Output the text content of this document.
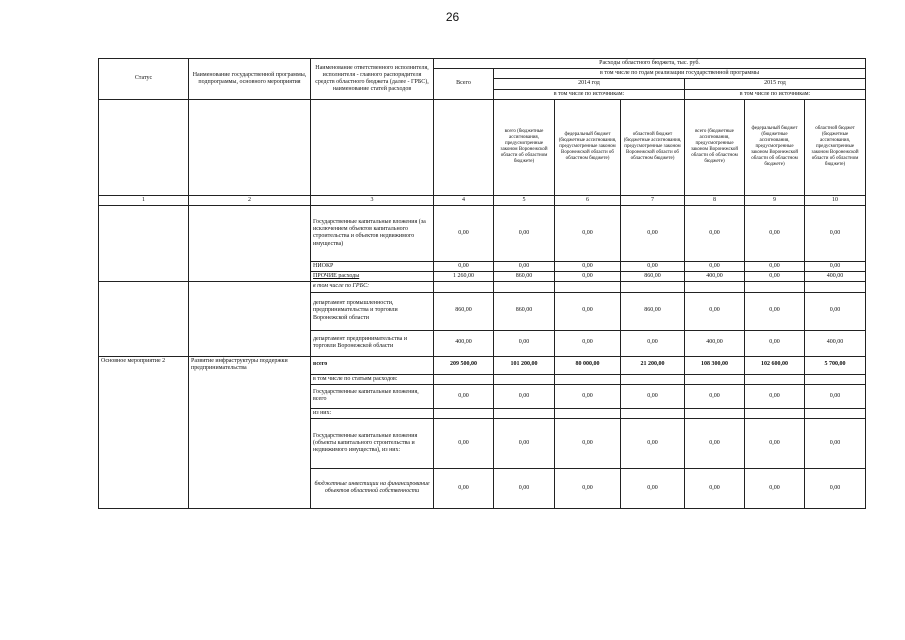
26
Статус	Наименование государственной программы, подпрограммы, основного мероприятия	Наименование ответственного исполнителя, исполнителя - главного распорядителя средств областного бюджета (далее - ГРБС), наименование статей расходов	Расходы областного бюджета, тыс. руб.						
			Всего	в том числе по годам реализации государственной программы					
				2014 год			2015 год		
				в том числе по источникам:			в том числе по источникам:		
				всего (бюджетные ассигнования, предусмотренные законом Воронежской области об областном бюджете)	федеральный бюджет (бюджетные ассигнования, предусмотренные законом Воронежской области об областном бюджете)	областной бюджет (бюджетные ассигнования, предусмотренные законом Воронежской области об областном бюджете)	всего (бюджетные ассигнования, предусмотренные законом Воронежской области об областном бюджете)	федеральный бюджет (бюджетные ассигнования, предусмотренные законом Воронежской области об областном бюджете)	областной бюджет (бюджетные ассигнования, предусмотренные законом Воронежской области об областном бюджете)
1	2	3	4	5	6	7	8	9	10
		Государственные капитальные вложения (за исключением объектов капитального строительства и объектов недвижимого имущества)	0,00	0,00	0,00	0,00	0,00	0,00	0,00
		НИОКР	0,00	0,00	0,00	0,00	0,00	0,00	0,00
		ПРОЧИЕ расходы	1 260,00	860,00	0,00	860,00	400,00	0,00	400,00
		в том числе по ГРБС:							
		департамент промышленности, предпринимательства и торговли Воронежской области	860,00	860,00	0,00	860,00	0,00	0,00	0,00
		департамент предпринимательства и торговли Воронежской области	400,00	0,00	0,00	0,00	400,00	0,00	400,00
Основное мероприятие 2	Развитие инфраструктуры поддержки предпринимательства	всего	209 500,00	101 200,00	80 000,00	21 200,00	108 300,00	102 600,00	5 700,00
		в том числе по статьям расходов:							
		Государственные капитальные вложения, всего	0,00	0,00	0,00	0,00	0,00	0,00	0,00
		из них:							
		Государственные капитальные вложения (объекты капитального строительства и недвижимого имущества), из них:	0,00	0,00	0,00	0,00	0,00	0,00	0,00
		бюджетные инвестиции на финансирование объектов областной собственности	0,00	0,00	0,00	0,00	0,00	0,00	0,00
